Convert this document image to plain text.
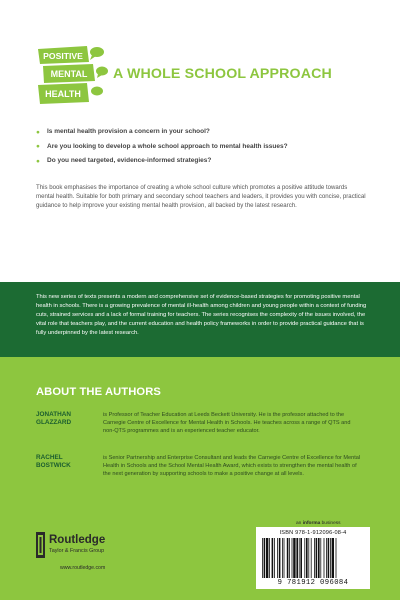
POSITIVE
MENTAL
HEALTH
A WHOLE SCHOOL APPROACH
● Is mental health provision a concern in your school?
● Are you looking to develop a whole school approach to mental health issues?
● Do you need targeted, evidence-informed strategies?

This book emphasises the importance of creating a whole school culture which promotes a positive attitude towards mental health. Suitable for both primary and secondary school teachers and leaders, it provides you with concise, practical guidance to help improve your existing mental health provision, all backed by the latest research.

This new series of texts presents a modern and comprehensive set of evidence-based strategies for promoting positive mental health in schools. There is a growing prevalence of mental ill-health among children and young people within a context of funding cuts, strained services and a lack of formal training for teachers. The series recognises the complexity of the issues involved, the vital role that teachers play, and the current education and health policy frameworks in order to provide practical guidance that is fully underpinned by the latest research.

ABOUT THE AUTHORS
JONATHAN
GLAZZARD

is Professor of Teacher Education at Leeds Beckett University. He is the professor attached to the Carnegie Centre of Excellence for Mental Health in Schools. He teaches across a range of QTS and non-QTS programmes and is an experienced teacher educator.

RACHEL
BOSTWICK

is Senior Partnership and Enterprise Consultant and leads the Carnegie Centre of Excellence for Mental Health in Schools and the School Mental Health Award, which exists to strengthen the mental health of the next generation by supporting schools to make a positive change at all levels.

Routledge
Taylor & Francis Group
www.routledge.com
an informa business
ISBN 978-1-912096-08-4
9 781912 096084
